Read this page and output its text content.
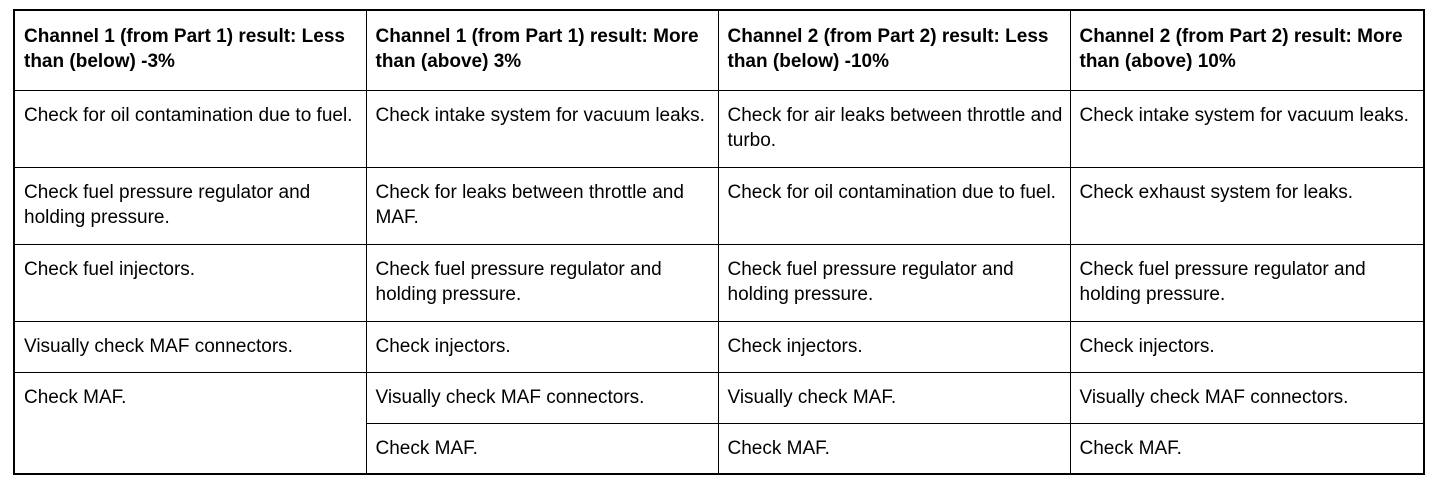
Channel 1 (from Part 1) result: Less than (below) -3%	Channel 1 (from Part 1) result: More than (above) 3%	Channel 2 (from Part 2) result: Less than (below) -10%	Channel 2 (from Part 2) result: More than (above) 10%
Check for oil contamination due to fuel.	Check intake system for vacuum leaks.	Check for air leaks between throttle and turbo.	Check intake system for vacuum leaks.
Check fuel pressure regulator and holding pressure.	Check for leaks between throttle and MAF.	Check for oil contamination due to fuel.	Check exhaust system for leaks.
Check fuel injectors.	Check fuel pressure regulator and holding pressure.	Check fuel pressure regulator and holding pressure.	Check fuel pressure regulator and holding pressure.
Visually check MAF connectors.	Check injectors.	Check injectors.	Check injectors.
Check MAF.	Visually check MAF connectors.	Visually check MAF.	Visually check MAF connectors.
	Check MAF.	Check MAF.	Check MAF.
